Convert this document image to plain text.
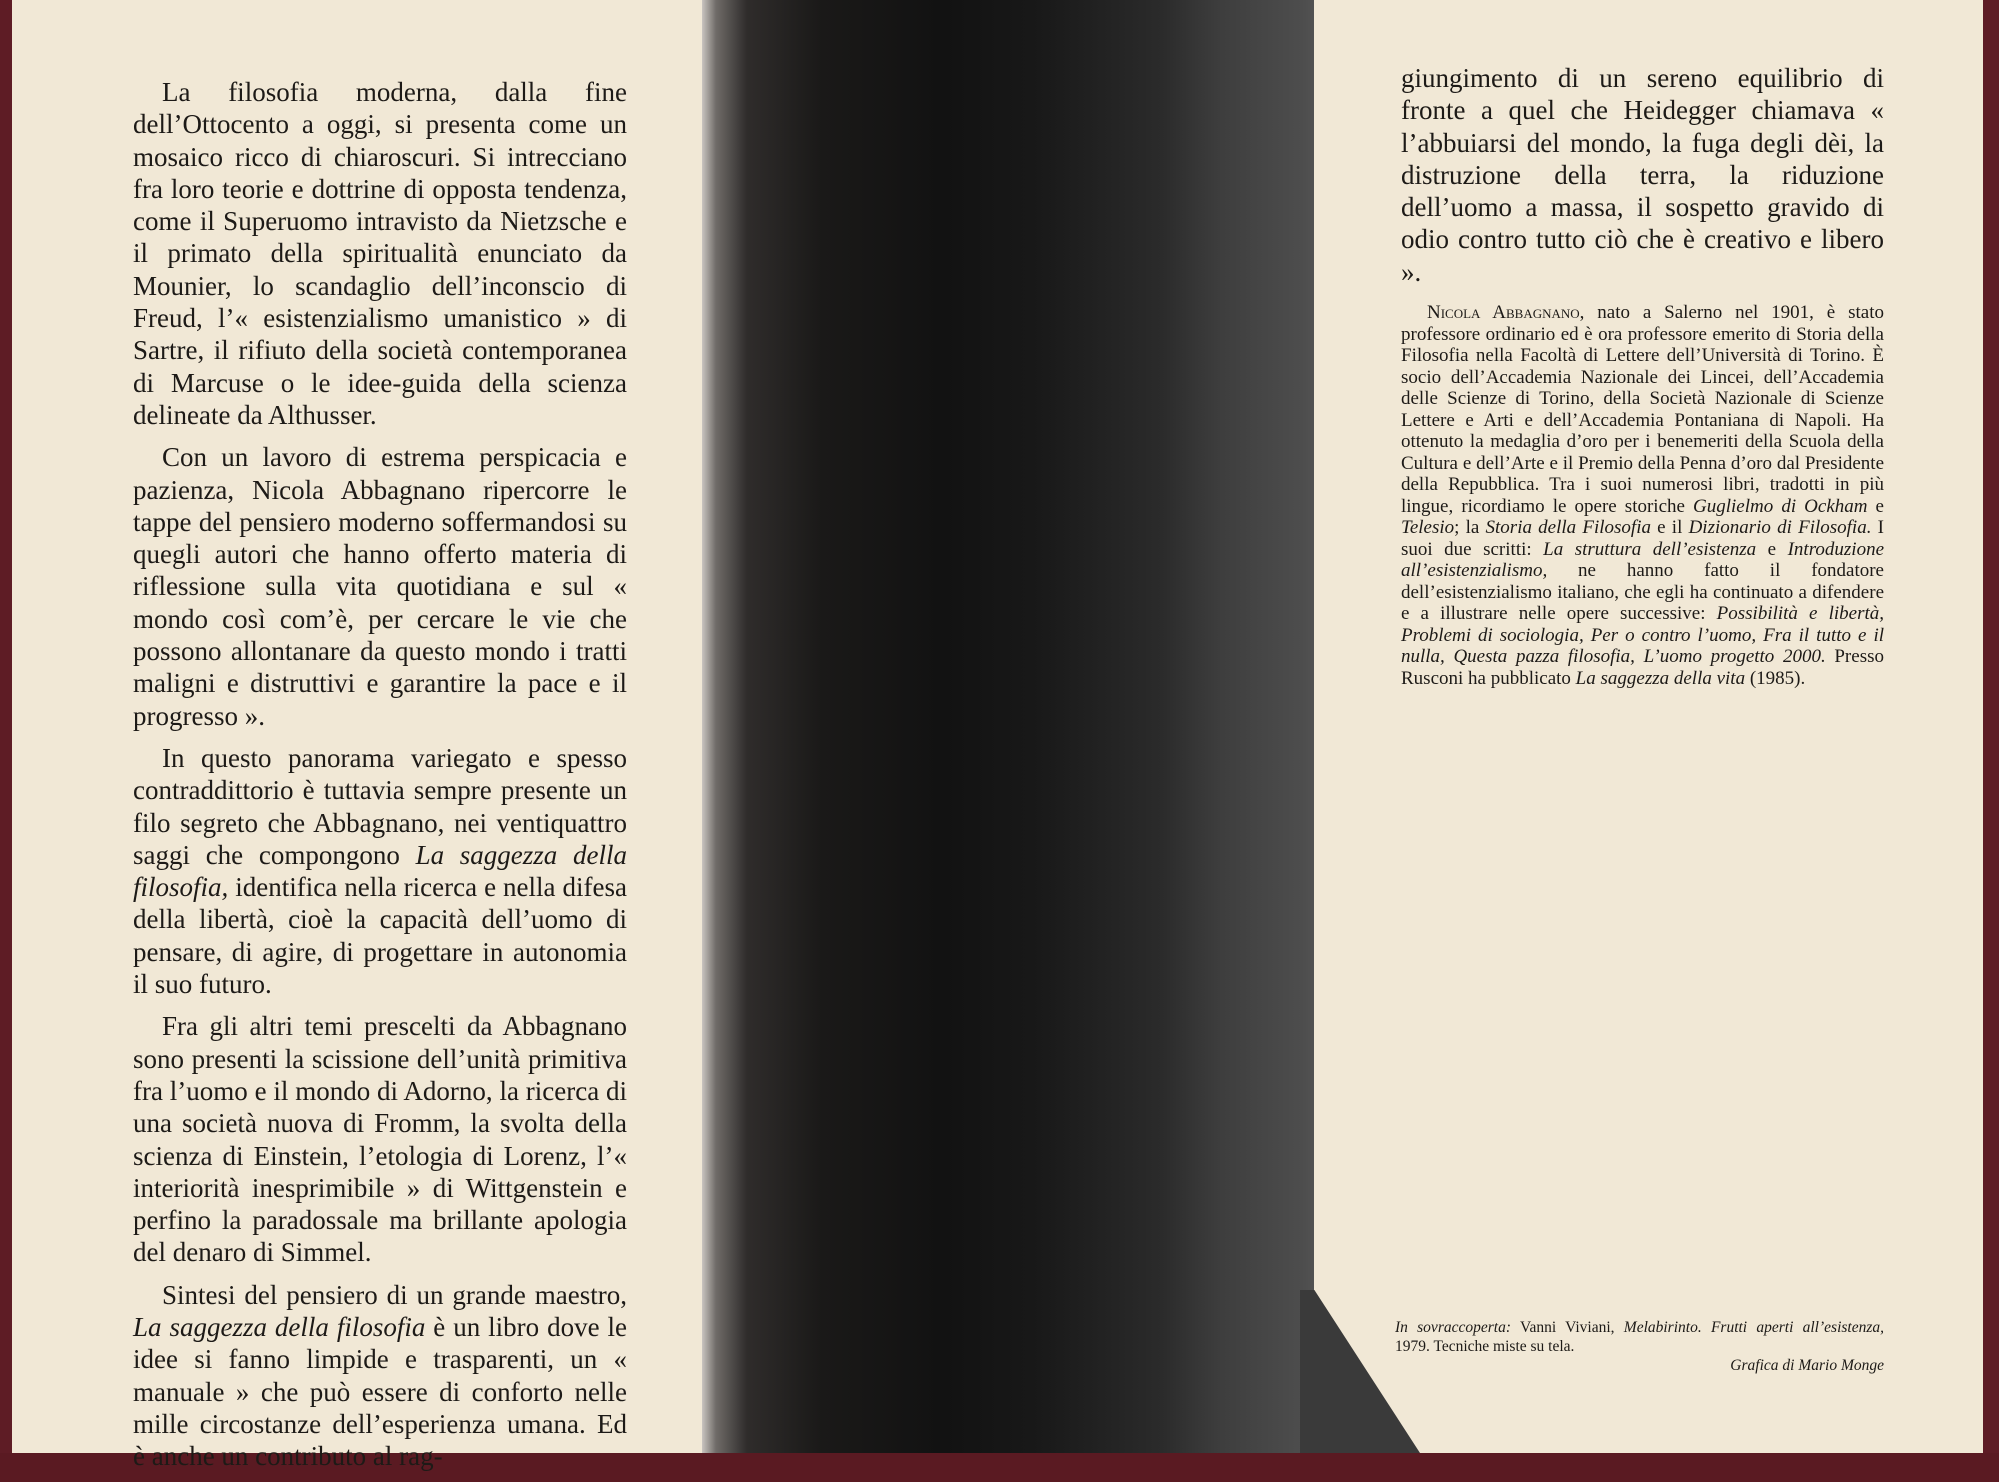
La filosofia moderna, dalla fine dell’Ottocento a oggi, si presenta come un mosaico ricco di chiaroscuri. Si intrecciano fra loro teorie e dottrine di opposta tendenza, come il Superuomo intravisto da Nietzsche e il primato della spiritualità enunciato da Mounier, lo scandaglio dell’inconscio di Freud, l’« esistenzialismo umanistico » di Sartre, il rifiuto della società contemporanea di Marcuse o le idee-guida della scienza delineate da Althusser.

Con un lavoro di estrema perspicacia e pazienza, Nicola Abbagnano ripercorre le tappe del pensiero moderno soffermandosi su quegli autori che hanno offerto materia di riflessione sulla vita quotidiana e sul « mondo così com’è, per cercare le vie che possono allontanare da questo mondo i tratti maligni e distruttivi e garantire la pace e il progresso ».

In questo panorama variegato e spesso contraddittorio è tuttavia sempre presente un filo segreto che Abbagnano, nei ventiquattro saggi che compongono La saggezza della filosofia, identifica nella ricerca e nella difesa della libertà, cioè la capacità dell’uomo di pensare, di agire, di progettare in autonomia il suo futuro.

Fra gli altri temi prescelti da Abbagnano sono presenti la scissione dell’unità primitiva fra l’uomo e il mondo di Adorno, la ricerca di una società nuova di Fromm, la svolta della scienza di Einstein, l’etologia di Lorenz, l’« interiorità inesprimibile » di Wittgenstein e perfino la paradossale ma brillante apologia del denaro di Simmel.

Sintesi del pensiero di un grande maestro, La saggezza della filosofia è un libro dove le idee si fanno limpide e trasparenti, un « manuale » che può essere di conforto nelle mille circostanze dell’esperienza umana. Ed è anche un contributo al rag-

giungimento di un sereno equilibrio di fronte a quel che Heidegger chiamava « l’abbuiarsi del mondo, la fuga degli dèi, la distruzione della terra, la riduzione dell’uomo a massa, il sospetto gravido di odio contro tutto ciò che è creativo e libero ».

Nicola Abbagnano, nato a Salerno nel 1901, è stato professore ordinario ed è ora professore emerito di Storia della Filosofia nella Facoltà di Lettere dell’Università di Torino. È socio dell’Accademia Nazionale dei Lincei, dell’Accademia delle Scienze di Torino, della Società Nazionale di Scienze Lettere e Arti e dell’Accademia Pontaniana di Napoli. Ha ottenuto la medaglia d’oro per i benemeriti della Scuola della Cultura e dell’Arte e il Premio della Penna d’oro dal Presidente della Repubblica. Tra i suoi numerosi libri, tradotti in più lingue, ricordiamo le opere storiche Guglielmo di Ockham e Telesio; la Storia della Filosofia e il Dizionario di Filosofia. I suoi due scritti: La struttura dell’esistenza e Introduzione all’esistenzialismo, ne hanno fatto il fondatore dell’esistenzialismo italiano, che egli ha continuato a difendere e a illustrare nelle opere successive: Possibilità e libertà, Problemi di sociologia, Per o contro l’uomo, Fra il tutto e il nulla, Questa pazza filosofia, L’uomo progetto 2000. Presso Rusconi ha pubblicato La saggezza della vita (1985).

In sovraccoperta: Vanni Viviani, Melabirinto. Frutti aperti all’esistenza, 1979. Tecniche miste su tela.

Grafica di Mario Monge
